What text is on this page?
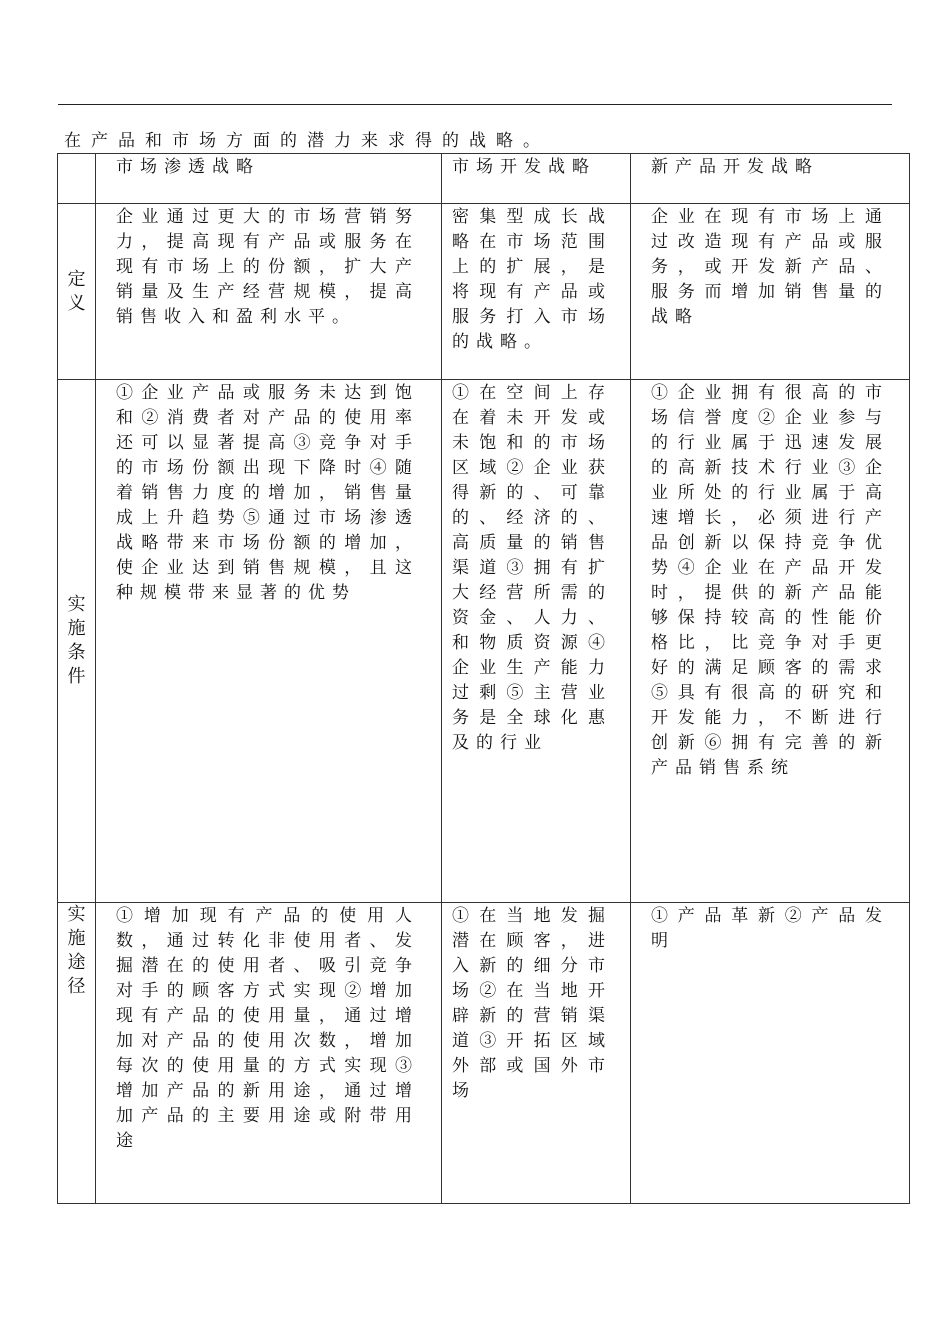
在产品和市场方面的潜力来求得的战略。
	市场渗透战略	市场开发战略	新产品开发战略
定义	企业通过更大的市场营销努力，提高现有产品或服务在现有市场上的份额，扩大产销量及生产经营规模，提高销售收入和盈利水平。	密集型成长战略在市场范围上的扩展，是将现有产品或服务打入市场的战略。	企业在现有市场上通过改造现有产品或服务，或开发新产品、服务而增加销售量的战略
实施条件	①企业产品或服务未达到饱和②消费者对产品的使用率还可以显著提高③竞争对手的市场份额出现下降时④随着销售力度的增加，销售量成上升趋势⑤通过市场渗透战略带来市场份额的增加，使企业达到销售规模，且这种规模带来显著的优势	①在空间上存在着未开发或未饱和的市场区域②企业获得新的、可靠的、经济的、高质量的销售渠道③拥有扩大经营所需的资金、人力、和物质资源④企业生产能力过剩⑤主营业务是全球化惠及的行业	①企业拥有很高的市场信誉度②企业参与的行业属于迅速发展的高新技术行业③企业所处的行业属于高速增长，必须进行产品创新以保持竞争优势④企业在产品开发时，提供的新产品能够保持较高的性能价格比，比竞争对手更好的满足顾客的需求⑤具有很高的研究和开发能力，不断进行创新⑥拥有完善的新产品销售系统
实施途径	①增加现有产品的使用人数，通过转化非使用者、发掘潜在的使用者、吸引竞争对手的顾客方式实现②增加现有产品的使用量，通过增加对产品的使用次数，增加每次的使用量的方式实现③增加产品的新用途，通过增加产品的主要用途或附带用途	①在当地发掘潜在顾客，进入新的细分市场②在当地开辟新的营销渠道③开拓区域外部或国外市场	①产品革新②产品发明
